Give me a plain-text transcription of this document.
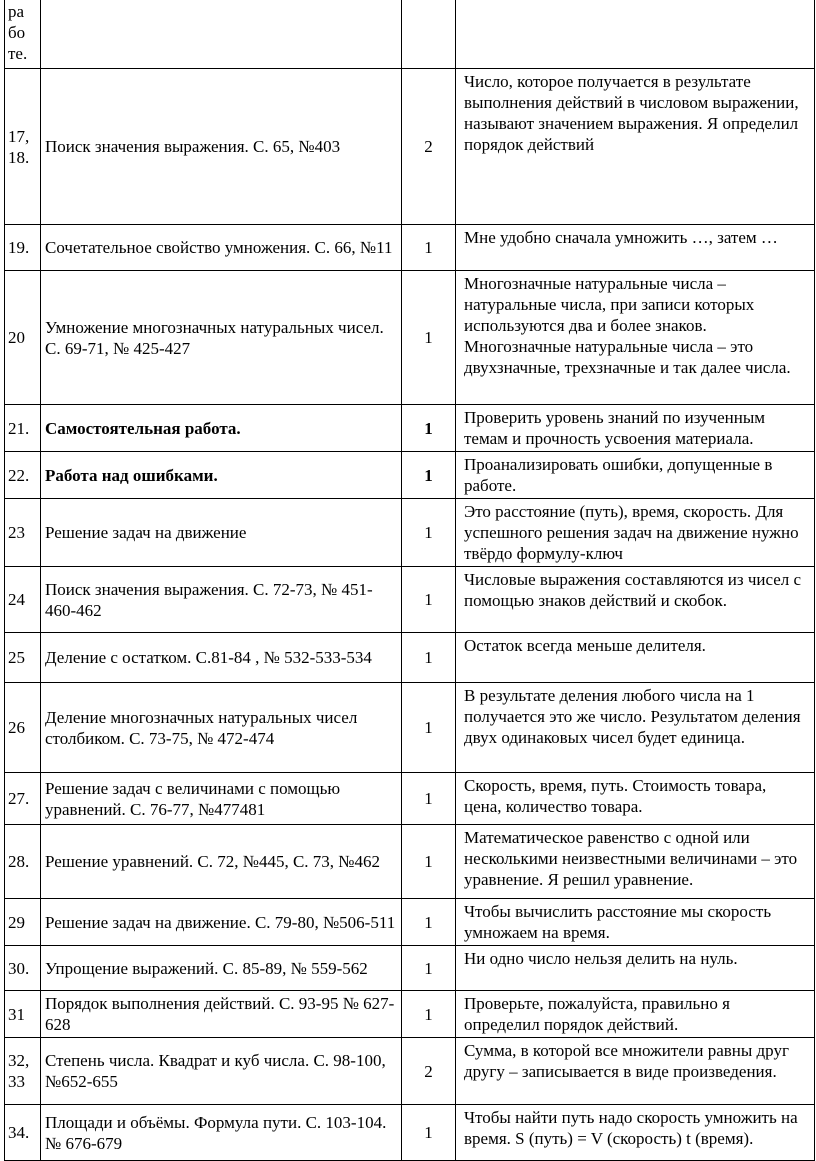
ра бо те.			
17, 18.	Поиск значения выражения. С. 65, №403	2	Число, которое получается в результате выполнения действий в числовом выражении, называют значением выражения. Я определил порядок действий
19.	Сочетательное свойство умножения. С. 66, №11	1	Мне удобно сначала умножить …, затем …
20	Умножение многозначных натуральных чисел. С. 69-71, № 425-427	1	Многозначные натуральные числа – натуральные числа, при записи которых используются два и более знаков. Многозначные натуральные числа – это двухзначные, трехзначные и так далее числа.
21.	Самостоятельная работа.	1	Проверить уровень знаний по изученным темам и прочность усвоения материала.
22.	Работа над ошибками.	1	Проанализировать ошибки, допущенные в работе.
23	Решение задач на движение	1	Это расстояние (путь), время, скорость. Для успешного решения задач на движение нужно твёрдо формулу-ключ
24	Поиск значения выражения. С. 72-73, № 451-460-462	1	Числовые выражения составляются из чисел с помощью знаков действий и скобок.
25	Деление с остатком. С.81-84 , № 532-533-534	1	Остаток всегда меньше делителя.
26	Деление многозначных натуральных чисел столбиком. С. 73-75, № 472-474	1	В результате деления любого числа на 1 получается это же число. Результатом деления двух одинаковых чисел будет единица.
27.	Решение задач с величинами с помощью уравнений. С. 76-77, №477481	1	Скорость, время, путь. Стоимость товара, цена, количество товара.
28.	Решение уравнений. С. 72, №445, С. 73, №462	1	Математическое равенство с одной или несколькими неизвестными величинами – это уравнение. Я решил уравнение.
29	Решение задач на движение. С. 79-80, №506-511	1	Чтобы вычислить расстояние мы скорость умножаем на время.
30.	Упрощение выражений. С. 85-89, № 559-562	1	Ни одно число нельзя делить на нуль.
31	Порядок выполнения действий. С. 93-95 № 627-628	1	Проверьте, пожалуйста, правильно я определил порядок действий.
32, 33	Степень числа. Квадрат и куб числа. С. 98-100, №652-655	2	Сумма, в которой все множители равны друг другу – записывается в виде произведения.
34.	Площади и объёмы. Формула пути. С. 103-104. № 676-679	1	Чтобы найти путь надо скорость умножить на время. S (путь) = V (скорость) t (время).
